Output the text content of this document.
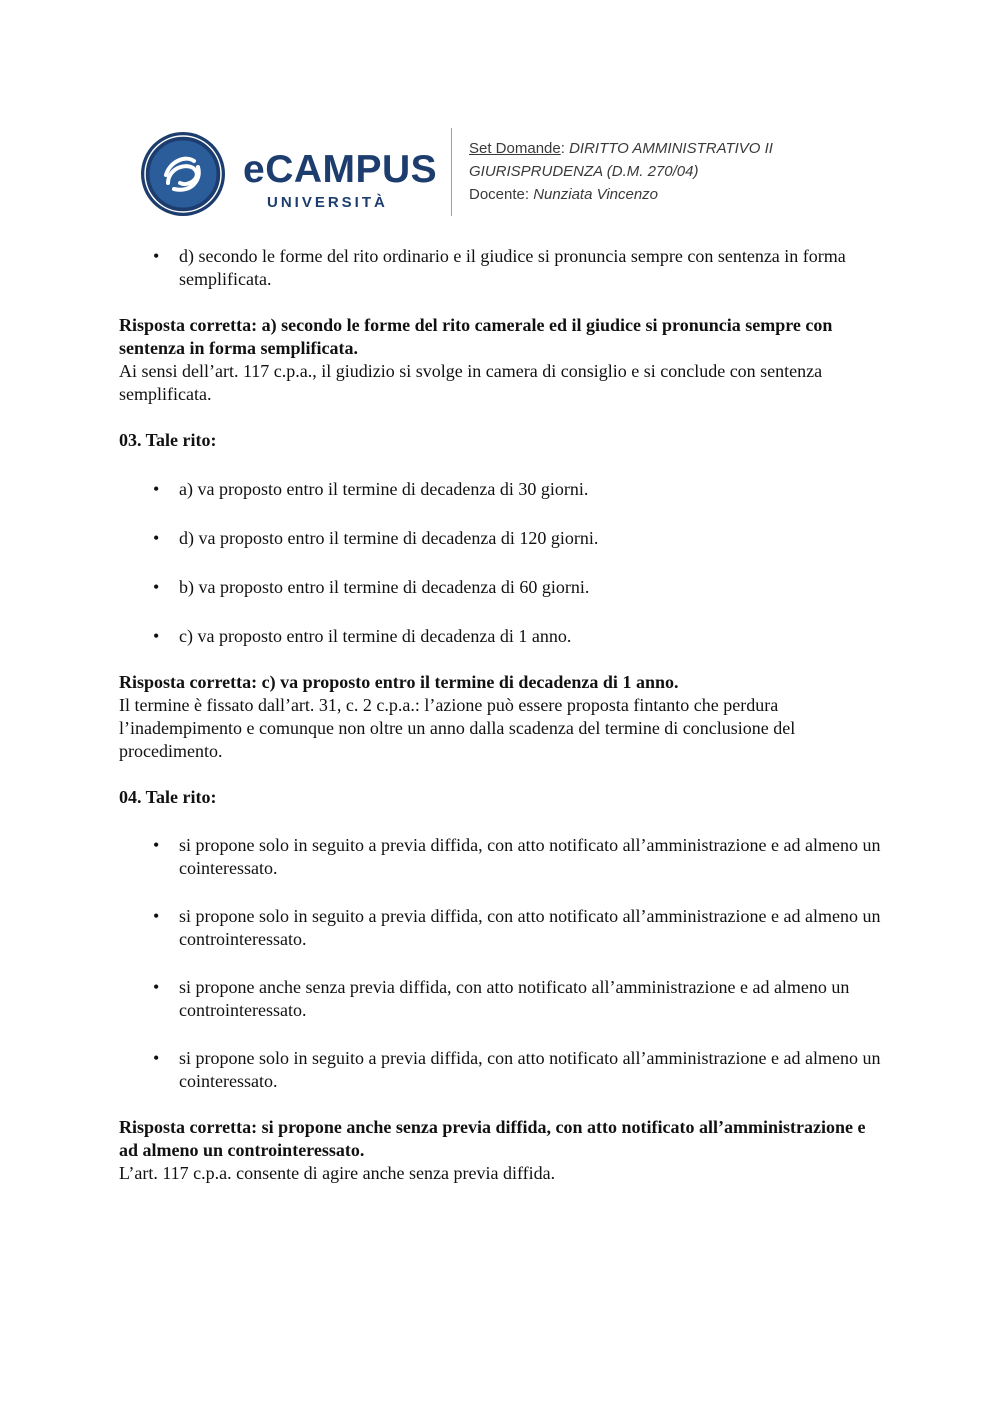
eCAMPUS
UNIVERSITÀ
Set Domande: DIRITTO AMMINISTRATIVO II
GIURISPRUDENZA (D.M. 270/04)
Docente: Nunziata Vincenzo
• d) secondo le forme del rito ordinario e il giudice si pronuncia sempre con sentenza in forma semplificata.
Risposta corretta: a) secondo le forme del rito camerale ed il giudice si pronuncia sempre con sentenza in forma semplificata.
Ai sensi dell’art. 117 c.p.a., il giudizio si svolge in camera di consiglio e si conclude con sentenza semplificata.
03. Tale rito:
• a) va proposto entro il termine di decadenza di 30 giorni.
• d) va proposto entro il termine di decadenza di 120 giorni.
• b) va proposto entro il termine di decadenza di 60 giorni.
• c) va proposto entro il termine di decadenza di 1 anno.
Risposta corretta: c) va proposto entro il termine di decadenza di 1 anno.
Il termine è fissato dall’art. 31, c. 2 c.p.a.: l’azione può essere proposta fintanto che perdura l’inadempimento e comunque non oltre un anno dalla scadenza del termine di conclusione del procedimento.
04. Tale rito:
• si propone solo in seguito a previa diffida, con atto notificato all’amministrazione e ad almeno un cointeressato.
• si propone solo in seguito a previa diffida, con atto notificato all’amministrazione e ad almeno un controinteressato.
• si propone anche senza previa diffida, con atto notificato all’amministrazione e ad almeno un controinteressato.
• si propone solo in seguito a previa diffida, con atto notificato all’amministrazione e ad almeno un cointeressato.
Risposta corretta: si propone anche senza previa diffida, con atto notificato all’amministrazione e ad almeno un controinteressato.
L’art. 117 c.p.a. consente di agire anche senza previa diffida.
